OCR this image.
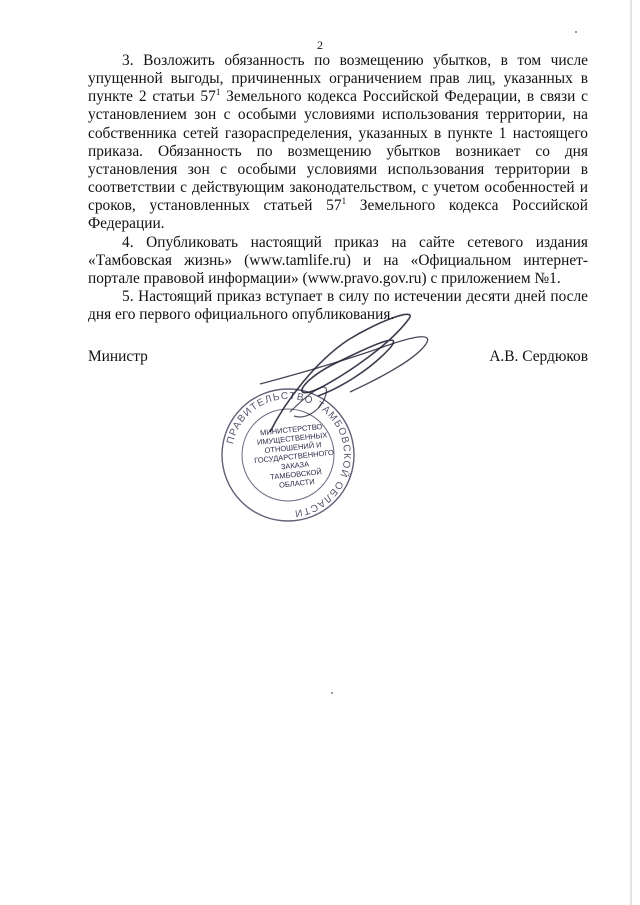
2

3. Возложить обязанность по возмещению убытков, в том числе упущенной выгоды, причиненных ограничением прав лиц, указанных в пункте 2 статьи $57^1$ Земельного кодекса Российской Федерации, в связи с установлением зон с особыми условиями использования территории, на собственника сетей газораспределения, указанных в пункте 1 настоящего приказа. Обязанность по возмещению убытков возникает со дня установления зон с особыми условиями использования территории в соответствии с действующим законодательством, с учетом особенностей и сроков, установленных статьей $57^1$ Земельного кодекса Российской Федерации.

4. Опубликовать настоящий приказ на сайте сетевого издания «Тамбовская жизнь» (www.tamlife.ru) и на «Официальном интернет-портале правовой информации» (www.pravo.gov.ru) с приложением №1.

5. Настоящий приказ вступает в силу по истечении десяти дней после дня его первого официального опубликования.

Министр	А.В. Сердюков
ПРАВИТЕЛЬСТВО ТАМБОВСКОЙ ОБЛАСТИ
МИНИСТЕРСТВО ИМУЩЕСТВЕННЫХ ОТНОШЕНИЙ И ГОСУДАРСТВЕННОГО ЗАКАЗА ТАМБОВСКОЙ ОБЛАСТИ
